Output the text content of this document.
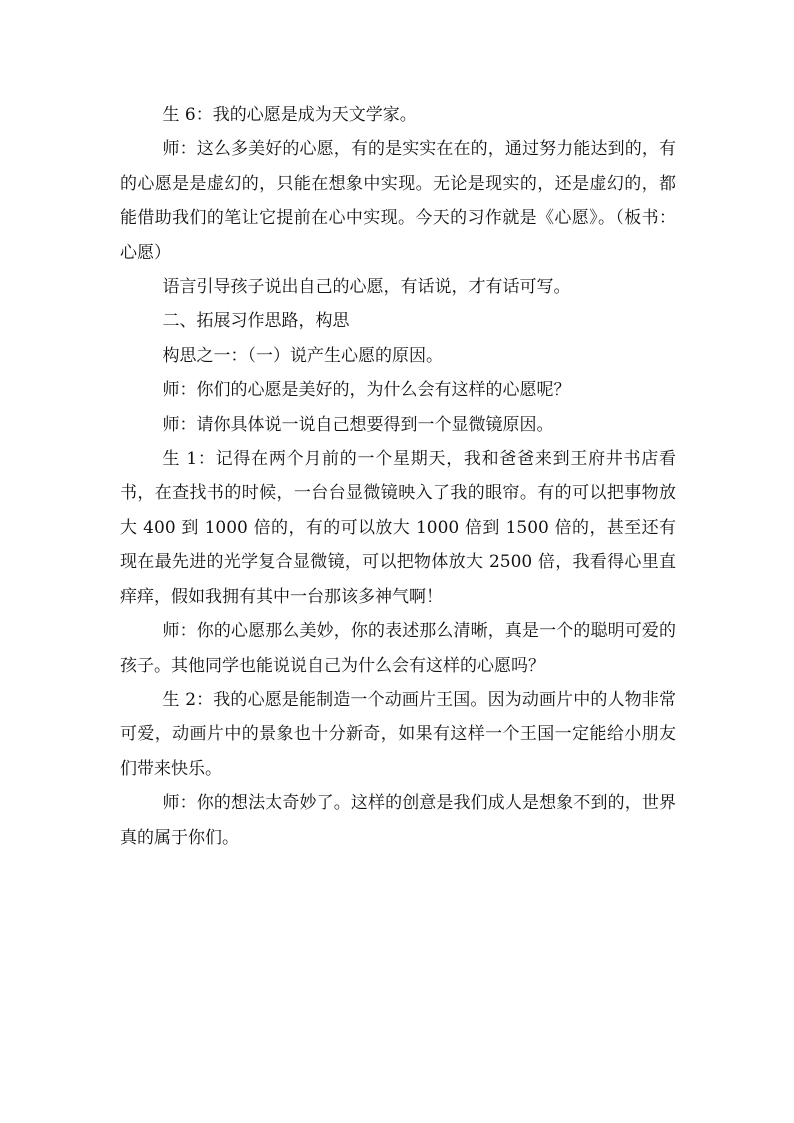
生 6：我的心愿是成为天文学家。

师：这么多美好的心愿，有的是实实在在的，通过努力能达到的，有的心愿是是虚幻的，只能在想象中实现。无论是现实的，还是虚幻的，都能借助我们的笔让它提前在心中实现。今天的习作就是《心愿》。（板书：心愿）

语言引导孩子说出自己的心愿，有话说，才有话可写。

二、拓展习作思路，构思

构思之一：（一）说产生心愿的原因。

师：你们的心愿是美好的，为什么会有这样的心愿呢？

师：请你具体说一说自己想要得到一个显微镜原因。

生 1：记得在两个月前的一个星期天，我和爸爸来到王府井书店看书，在查找书的时候，一台台显微镜映入了我的眼帘。有的可以把事物放大 400 到 1000 倍的，有的可以放大 1000 倍到 1500 倍的，甚至还有现在最先进的光学复合显微镜，可以把物体放大 2500 倍，我看得心里直痒痒，假如我拥有其中一台那该多神气啊！

师：你的心愿那么美妙，你的表述那么清晰，真是一个的聪明可爱的孩子。其他同学也能说说自己为什么会有这样的心愿吗？

生 2：我的心愿是能制造一个动画片王国。因为动画片中的人物非常可爱，动画片中的景象也十分新奇，如果有这样一个王国一定能给小朋友们带来快乐。

师：你的想法太奇妙了。这样的创意是我们成人是想象不到的，世界真的属于你们。
